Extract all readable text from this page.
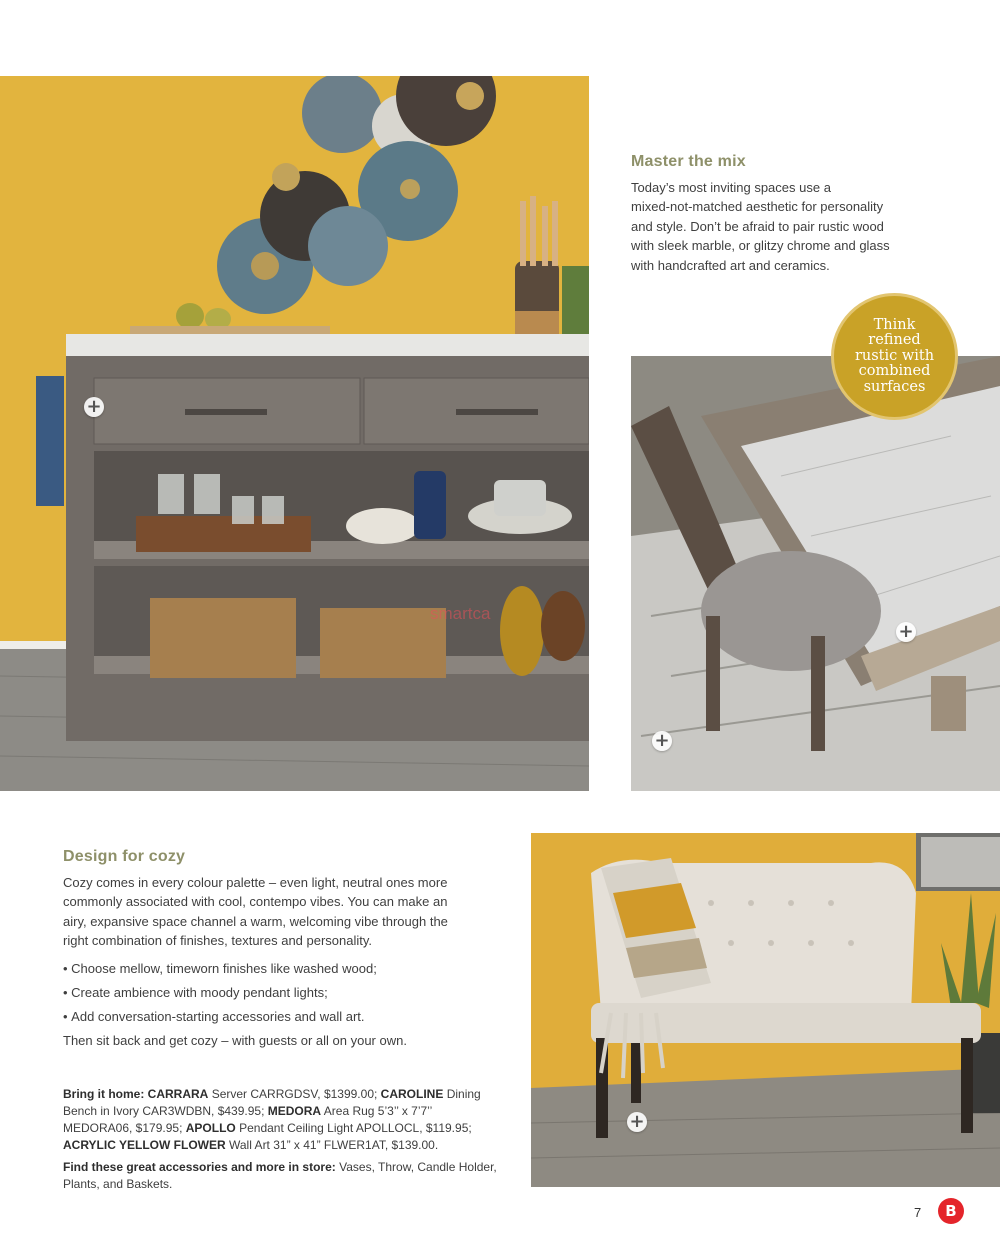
smartca
+
Master the mix

Today’s most inviting spaces use a

mixed-not-matched aesthetic for personality

and style. Don’t be afraid to pair rustic wood

with sleek marble, or glitzy chrome and glass

with handcrafted art and ceramics.

+
+
Think
refined
rustic with
combined
surfaces
Design for cozy

Cozy comes in every colour palette – even light, neutral ones more

commonly associated with cool, contempo vibes. You can make an

airy, expansive space channel a warm, welcoming vibe through the

right combination of finishes, textures and personality.

• Choose mellow, timeworn finishes like washed wood;
• Create ambience with moody pendant lights;
• Add conversation-starting accessories and wall art.

Then sit back and get cozy – with guests or all on your own.

+
Bring it home: CARRARA Server CARRGDSV, $1399.00; CAROLINE Dining Bench in Ivory CAR3WDBN, $439.95; MEDORA Area Rug 5’3’’ x 7’7’’ MEDORA06, $179.95; APOLLO Pendant Ceiling Light APOLLOCL, $119.95; ACRYLIC YELLOW FLOWER Wall Art 31” x 41” FLWER1AT, $139.00.
Find these great accessories and more in store: Vases, Throw, Candle Holder, Plants, and Baskets.
7	B
